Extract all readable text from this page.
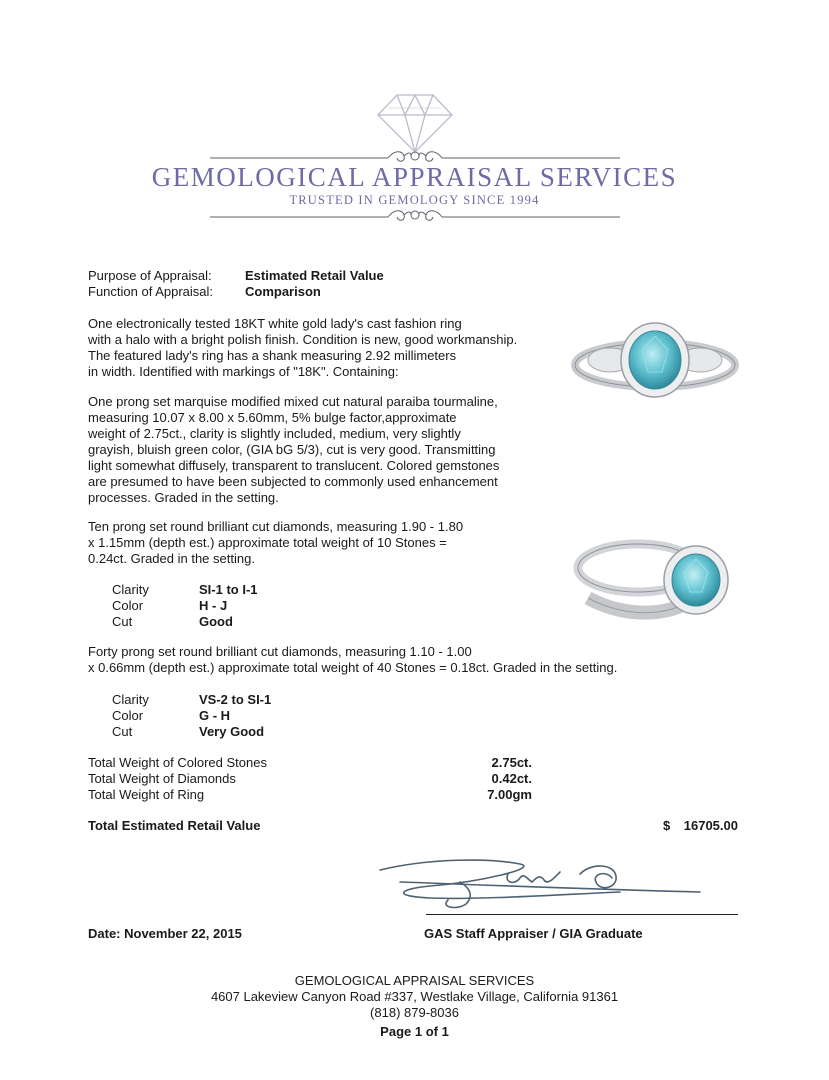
GEMOLOGICAL APPRAISAL SERVICES
TRUSTED IN GEMOLOGY SINCE 1994
Purpose of Appraisal:	Estimated Retail Value
Function of Appraisal: Comparison
One electronically tested 18KT white gold lady's cast fashion ring
with a halo with a bright polish finish. Condition is new, good workmanship.
The featured lady's ring has a shank measuring 2.92 millimeters
in width. Identified with markings of "18K". Containing:
One prong set marquise modified mixed cut natural paraiba tourmaline,
measuring 10.07 x 8.00 x 5.60mm, 5% bulge factor,approximate
weight of 2.75ct., clarity is slightly included, medium, very slightly
grayish, bluish green color, (GIA bG 5/3), cut is very good. Transmitting
light somewhat diffusely, transparent to translucent. Colored gemstones
are presumed to have been subjected to commonly used enhancement
processes. Graded in the setting.
Ten prong set round brilliant cut diamonds, measuring 1.90 - 1.80
x 1.15mm (depth est.) approximate total weight of 10 Stones =
0.24ct. Graded in the setting.
Clarity	SI-1 to I-1
Color	H - J
Cut	Good
Forty prong set round brilliant cut diamonds, measuring 1.10 - 1.00
x 0.66mm (depth est.) approximate total weight of 40 Stones = 0.18ct. Graded in the setting.
Clarity	VS-2 to SI-1
Color	G - H
Cut	Very Good
Total Weight of Colored Stones	2.75ct.
Total Weight of Diamonds	0.42ct.
Total Weight of Ring	7.00gm
Total Estimated Retail Value	$ 16705.00
Date: November 22, 2015	GAS Staff Appraiser / GIA Graduate
GEMOLOGICAL APPRAISAL SERVICES
4607 Lakeview Canyon Road #337, Westlake Village, California 91361
(818) 879-8036
Page 1 of 1
